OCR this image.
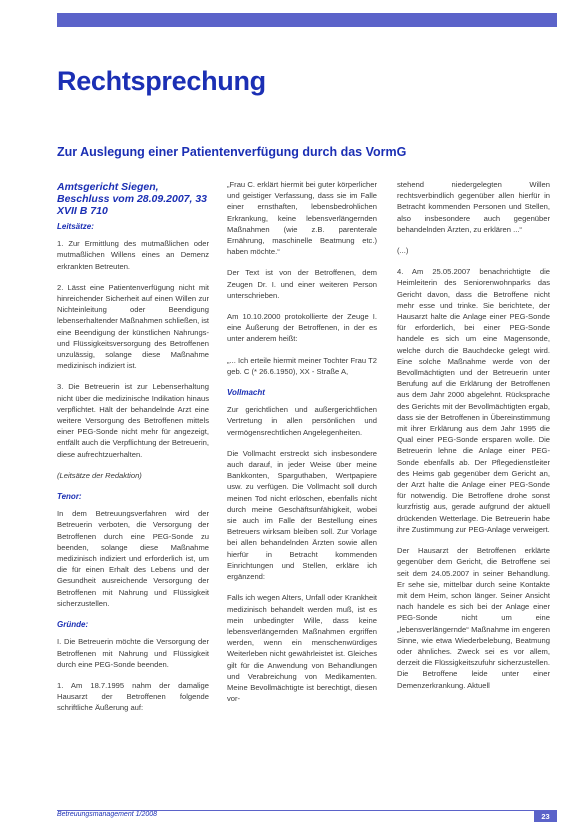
Rechtsprechung
Zur Auslegung einer Patientenverfügung durch das VormG

Amtsgericht Siegen, Beschluss vom 28.09.2007, 33 XVII B 710

Leitsätze:

1. Zur Ermittlung des mutmaßlichen oder mutmaßlichen Willens eines an Demenz erkrankten Betreuten.

2. Lässt eine Patientenverfügung nicht mit hinreichender Sicherheit auf einen Willen zur Nichteinleitung oder Beendigung lebenserhaltender Maßnahmen schließen, ist eine Beendigung der künstlichen Nahrungs- und Flüssigkeitsversorgung des Betroffenen unzulässig, solange diese Maßnahme medizinisch indiziert ist.

3. Die Betreuerin ist zur Lebenserhaltung nicht über die medizinische Indikation hinaus verpflichtet. Hält der behandelnde Arzt eine weitere Versorgung des Betroffenen mittels einer PEG-Sonde nicht mehr für angezeigt, entfällt auch die Verpflichtung der Betreuerin, diese aufrechtzuerhalten.

(Leitsätze der Redaktion)

Tenor:

In dem Betreuungsverfahren wird der Betreuerin verboten, die Versorgung der Betroffenen durch eine PEG-Sonde zu beenden, solange diese Maßnahme medizinisch indiziert und erforderlich ist, um die für einen Erhalt des Lebens und der Gesundheit ausreichende Versorgung der Betroffenen mit Nahrung und Flüssigkeit sicherzustellen.

Gründe:

I. Die Betreuerin möchte die Versorgung der Betroffenen mit Nahrung und Flüssigkeit durch eine PEG-Sonde beenden.

1. Am 18.7.1995 nahm der damalige Hausarzt der Betroffenen folgende schriftliche Äußerung auf:

„Frau C. erklärt hiermit bei guter körperlicher und geistiger Verfassung, dass sie im Falle einer ernsthaften, lebensbedrohlichen Erkrankung, keine lebensverlängernden Maßnahmen (wie z.B. parenterale Ernährung, maschinelle Beatmung etc.) haben möchte.“

Der Text ist von der Betroffenen, dem Zeugen Dr. I. und einer weiteren Person unterschrieben.

Am 10.10.2000 protokollierte der Zeuge I. eine Äußerung der Betroffenen, in der es unter anderem heißt:

„... Ich erteile hiermit meiner Tochter Frau T2 geb. C (* 26.6.1950), XX - Straße A,

Vollmacht

Zur gerichtlichen und außergerichtlichen Vertretung in allen persönlichen und vermögensrechtlichen Angelegenheiten.

Die Vollmacht erstreckt sich insbesondere auch darauf, in jeder Weise über meine Bankkonten, Sparguthaben, Wertpapiere usw. zu verfügen. Die Vollmacht soll durch meinen Tod nicht erlöschen, ebenfalls nicht durch meine Geschäftsunfähigkeit, wobei sie auch im Falle der Bestellung eines Betreuers wirksam bleiben soll. Zur Vorlage bei allen behandelnden Ärzten sowie allen hierfür in Betracht kommenden Einrichtungen und Stellen, erkläre ich ergänzend:

Falls ich wegen Alters, Unfall oder Krankheit medizinisch behandelt werden muß, ist es mein unbedingter Wille, dass keine lebensverlängernden Maßnahmen ergriffen werden, wenn ein menschenwürdiges Weiterleben nicht gewährleistet ist. Gleiches gilt für die Anwendung von Behandlungen und Verabreichung von Medikamenten. Meine Bevollmächtigte ist berechtigt, diesen vor-

stehend niedergelegten Willen rechtsverbindlich gegenüber allen hierfür in Betracht kommenden Personen und Stellen, also insbesondere auch gegenüber behandelnden Ärzten, zu erklären ...“

(...)

4. Am 25.05.2007 benachrichtigte die Heimleiterin des Seniorenwohnparks das Gericht davon, dass die Betroffene nicht mehr esse und trinke. Sie berichtete, der Hausarzt halte die Anlage einer PEG-Sonde für erforderlich, bei einer PEG-Sonde handele es sich um eine Magensonde, welche durch die Bauchdecke gelegt wird. Eine solche Maßnahme werde von der Bevollmächtigten und der Betreuerin unter Berufung auf die Erklärung der Betroffenen aus dem Jahr 2000 abgelehnt. Rücksprache des Gerichts mit der Bevollmächtigten ergab, dass sie der Betroffenen in Übereinstimmung mit ihrer Erklärung aus dem Jahr 1995 die Qual einer PEG-Sonde ersparen wolle. Die Betreuerin lehne die Anlage einer PEG-Sonde ebenfalls ab. Der Pflegedienstleiter des Heims gab gegenüber dem Gericht an, der Arzt halte die Anlage einer PEG-Sonde für notwendig. Die Betroffene drohe sonst kurzfristig aus, gerade aufgrund der aktuell drückenden Wetterlage. Die Betreuerin habe ihre Zustimmung zur PEG-Anlage verweigert.

Der Hausarzt der Betroffenen erklärte gegenüber dem Gericht, die Betroffene sei seit dem 24.05.2007 in seiner Behandlung. Er sehe sie, mittelbar durch seine Kontakte mit dem Heim, schon länger. Seiner Ansicht nach handele es sich bei der Anlage einer PEG-Sonde nicht um eine „lebensverlängernde“ Maßnahme im engeren Sinne, wie etwa Wiederbelebung, Beatmung oder ähnliches. Zweck sei es vor allem, derzeit die Flüssigkeitszufuhr sicherzustellen. Die Betroffene leide unter einer Demenzerkrankung. Aktuell

Betreuungsmanagement 1/2008	23
